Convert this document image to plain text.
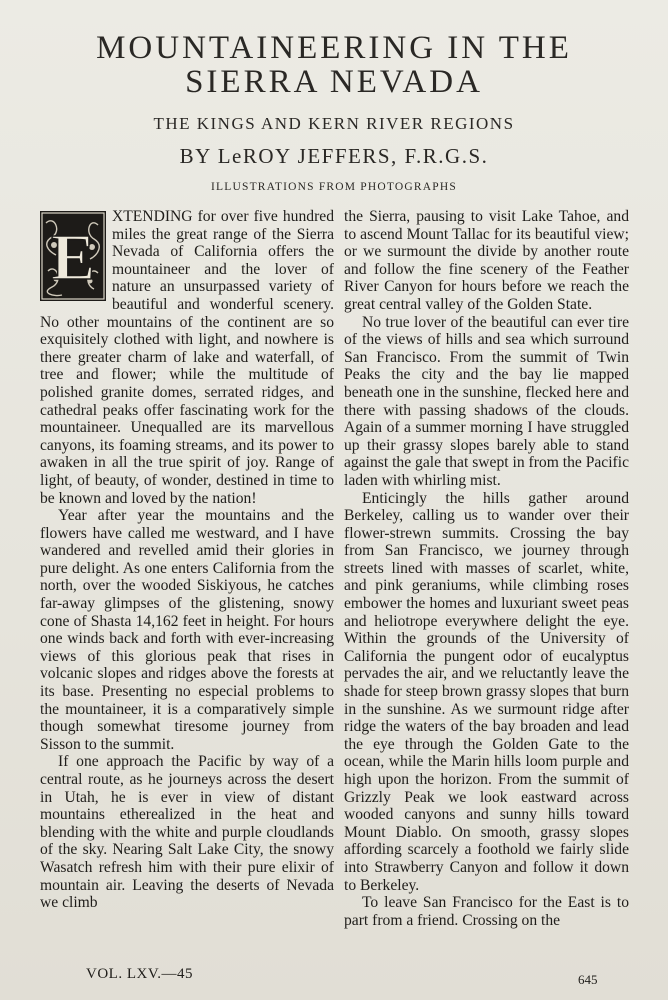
MOUNTAINEERING IN THE
SIERRA NEVADA
THE KINGS AND KERN RIVER REGIONS
BY LeROY JEFFERS, F.R.G.S.
ILLUSTRATIONS FROM PHOTOGRAPHS
E

XTENDING for over five hundred miles the great range of the Sierra Nevada of California offers the mountaineer and the lover of nature an unsurpassed variety of beautiful and wonderful scenery. No other mountains of the continent are so exquisitely clothed with light, and nowhere is there greater charm of lake and waterfall, of tree and flower; while the multitude of polished granite domes, serrated ridges, and cathedral peaks offer fascinating work for the mountaineer. Unequalled are its marvellous canyons, its foaming streams, and its power to awaken in all the true spirit of joy. Range of light, of beauty, of wonder, destined in time to be known and loved by the nation!

Year after year the mountains and the flowers have called me westward, and I have wandered and revelled amid their glories in pure delight. As one enters California from the north, over the wooded Siskiyous, he catches far-away glimpses of the glistening, snowy cone of Shasta 14,162 feet in height. For hours one winds back and forth with ever-increasing views of this glorious peak that rises in volcanic slopes and ridges above the forests at its base. Presenting no especial problems to the mountaineer, it is a comparatively simple though somewhat tiresome journey from Sisson to the summit.

If one approach the Pacific by way of a central route, as he journeys across the desert in Utah, he is ever in view of distant mountains etherealized in the heat and blending with the white and purple cloudlands of the sky. Nearing Salt Lake City, the snowy Wasatch refresh him with their pure elixir of mountain air. Leaving the deserts of Nevada we climb

the Sierra, pausing to visit Lake Tahoe, and to ascend Mount Tallac for its beautiful view; or we surmount the divide by another route and follow the fine scenery of the Feather River Canyon for hours before we reach the great central valley of the Golden State.

No true lover of the beautiful can ever tire of the views of hills and sea which surround San Francisco. From the summit of Twin Peaks the city and the bay lie mapped beneath one in the sunshine, flecked here and there with passing shadows of the clouds. Again of a summer morning I have struggled up their grassy slopes barely able to stand against the gale that swept in from the Pacific laden with whirling mist.

Enticingly the hills gather around Berkeley, calling us to wander over their flower-strewn summits. Crossing the bay from San Francisco, we journey through streets lined with masses of scarlet, white, and pink geraniums, while climbing roses embower the homes and luxuriant sweet peas and heliotrope everywhere delight the eye. Within the grounds of the University of California the pungent odor of eucalyptus pervades the air, and we reluctantly leave the shade for steep brown grassy slopes that burn in the sunshine. As we surmount ridge after ridge the waters of the bay broaden and lead the eye through the Golden Gate to the ocean, while the Marin hills loom purple and high upon the horizon. From the summit of Grizzly Peak we look eastward across wooded canyons and sunny hills toward Mount Diablo. On smooth, grassy slopes affording scarcely a foothold we fairly slide into Strawberry Canyon and follow it down to Berkeley.

To leave San Francisco for the East is to part from a friend. Crossing on the

VOL. LXV.—45	645
